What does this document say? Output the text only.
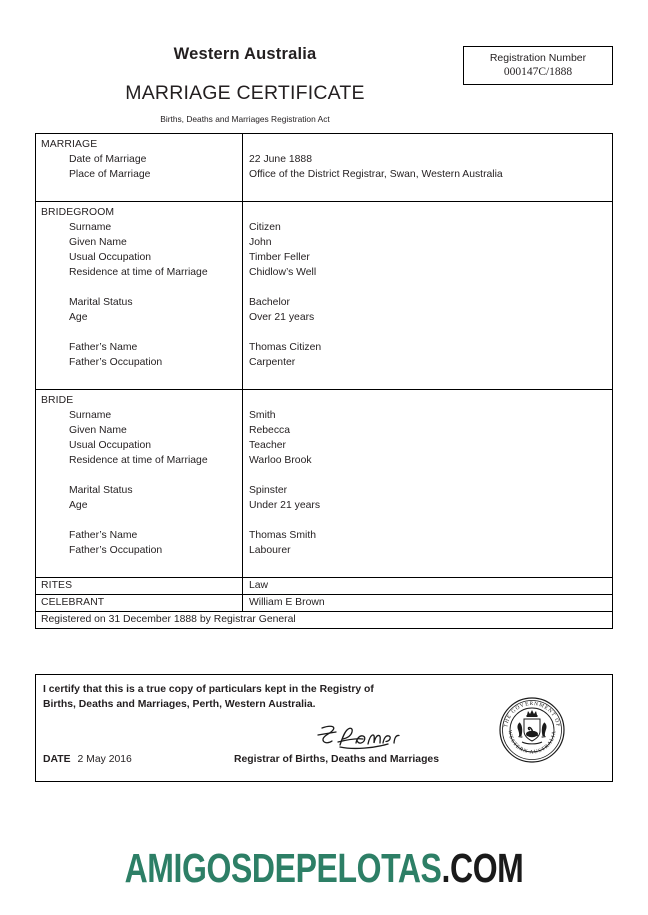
Western Australia
MARRIAGE CERTIFICATE
Births, Deaths and Marriages Registration Act
Registration Number
000147C/1888
MARRIAGE
Date of Marriage	22 June 1888
Place of Marriage	Office of the District Registrar, Swan, Western Australia
BRIDEGROOM
Surname	Citizen
Given Name	John
Usual Occupation	Timber Feller
Residence at time of Marriage	Chidlow’s Well
Marital Status	Bachelor
Age	Over 21 years
Father’s Name	Thomas Citizen
Father’s Occupation	Carpenter
BRIDE
Surname	Smith
Given Name	Rebecca
Usual Occupation	Teacher
Residence at time of Marriage	Warloo Brook
Marital Status	Spinster
Age	Under 21 years
Father’s Name	Thomas Smith
Father’s Occupation	Labourer
RITES	Law
CELEBRANT	William E Brown
Registered on 31 December 1888 by Registrar General
I certify that this is a true copy of particulars kept in the Registry of
Births, Deaths and Marriages, Perth, Western Australia.
DATE 2 May 2016	Registrar of Births, Deaths and Marriages
THE GOVERNMENT OF
WESTERN AUSTRALIA
AMIGOSDEPELOTAS.COM
